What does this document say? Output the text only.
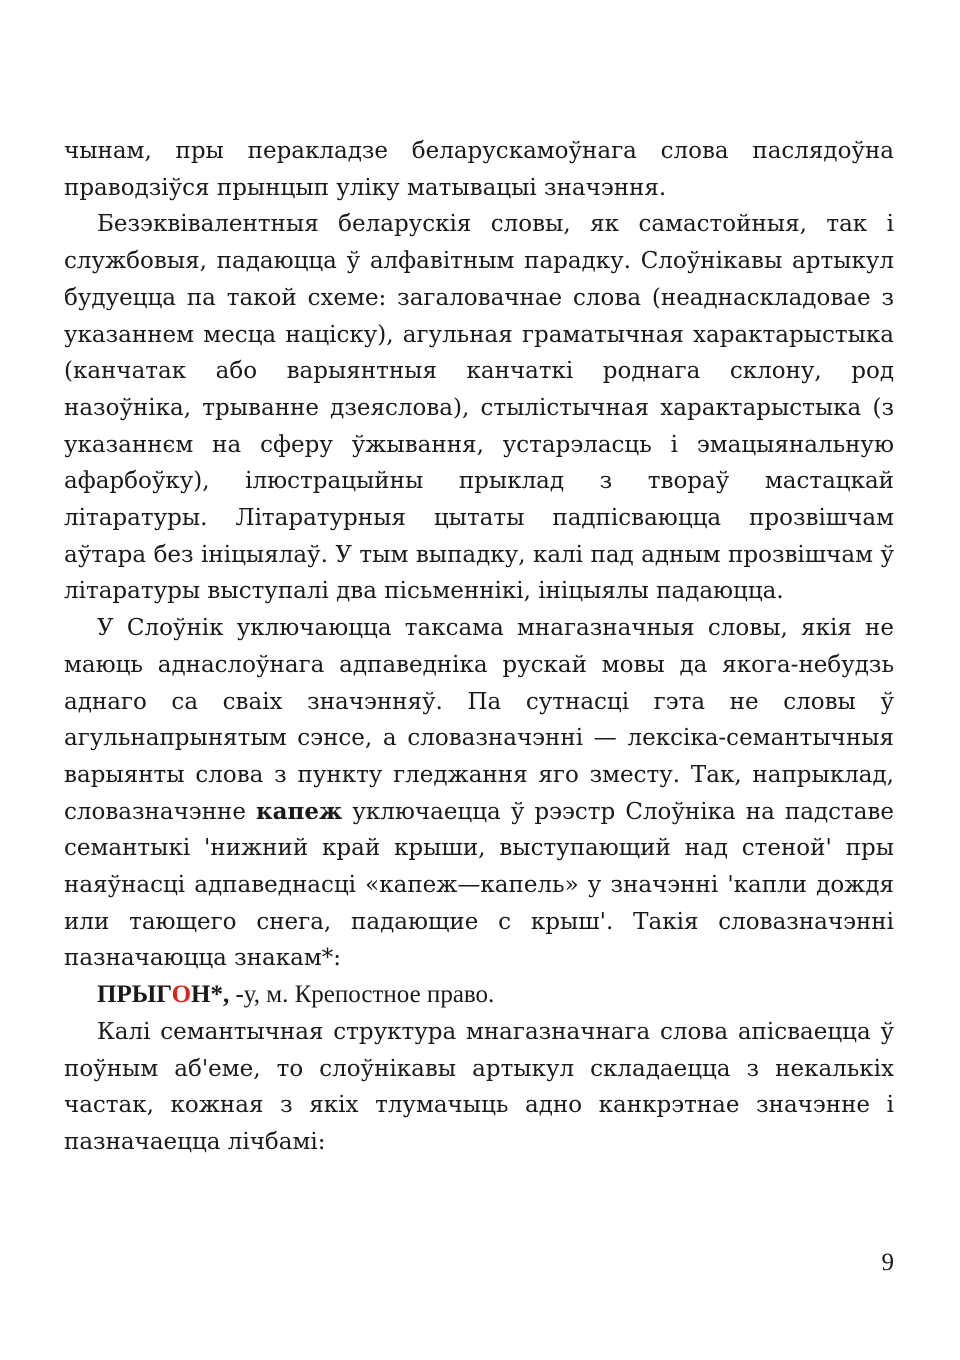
чынам, пры перакладзе беларускамоўнага слова паслядоўна праводзіўся прынцып уліку матывацыі значэння.

Безэквівалентныя беларускія словы, як самастойныя, так і службовыя, падаюцца ў алфавітным парадку. Слоўнікавы артыкул будуецца па такой схеме: загаловачнае слова (неаднаскладовае з указаннем месца націску), агульная граматычная характарыстыка (канчатак або варыянтныя канчаткі роднага склону, род назоўніка, трыванне дзеяслова), стылістычная характарыстыка (з указаннєм на сферу ўжывання, устарэласць і эмацыянальную афарбоўку), ілюстрацыйны прыклад з твораў мастацкай літаратуры. Літаратурныя цытаты падпісваюцца прозвішчам аўтара без ініцыялаў. У тым выпадку, калі пад адным прозвішчам ў літаратуры выступалі два пісьменнікі, ініцыялы падаюцца.

У Слоўнік уключаюцца таксама мнагазначныя словы, якія не маюць аднаслоўнага адпаведніка рускай мовы да якога-небудзь аднаго са сваіх значэнняў. Па сутнасці гэта не словы ў агульнапрынятым сэнсе, а словазначэнні — лексіка-семантычныя варыянты слова з пункту гледжання яго зместу. Так, напрыклад, словазначэнне капеж уключаецца ў рээстр Слоўніка на падставе семантыкі 'нижний край крыши, выступающий над стеной' пры наяўнасці адпаведнасці «капеж—капель» у значэнні 'капли дождя или тающего снега, падающие с крыш'. Такія словазначэнні пазначаюцца знакам*:

ПРЫГОН*, -у, м. Крепостное право.

Калі семантычная структура мнагазначнага слова апісваецца ў поўным аб'еме, то слоўнікавы артыкул складаецца з некалькіх частак, кожная з якіх тлумачыць адно канкрэтнае значэнне і пазначаецца лічбамі:

9
